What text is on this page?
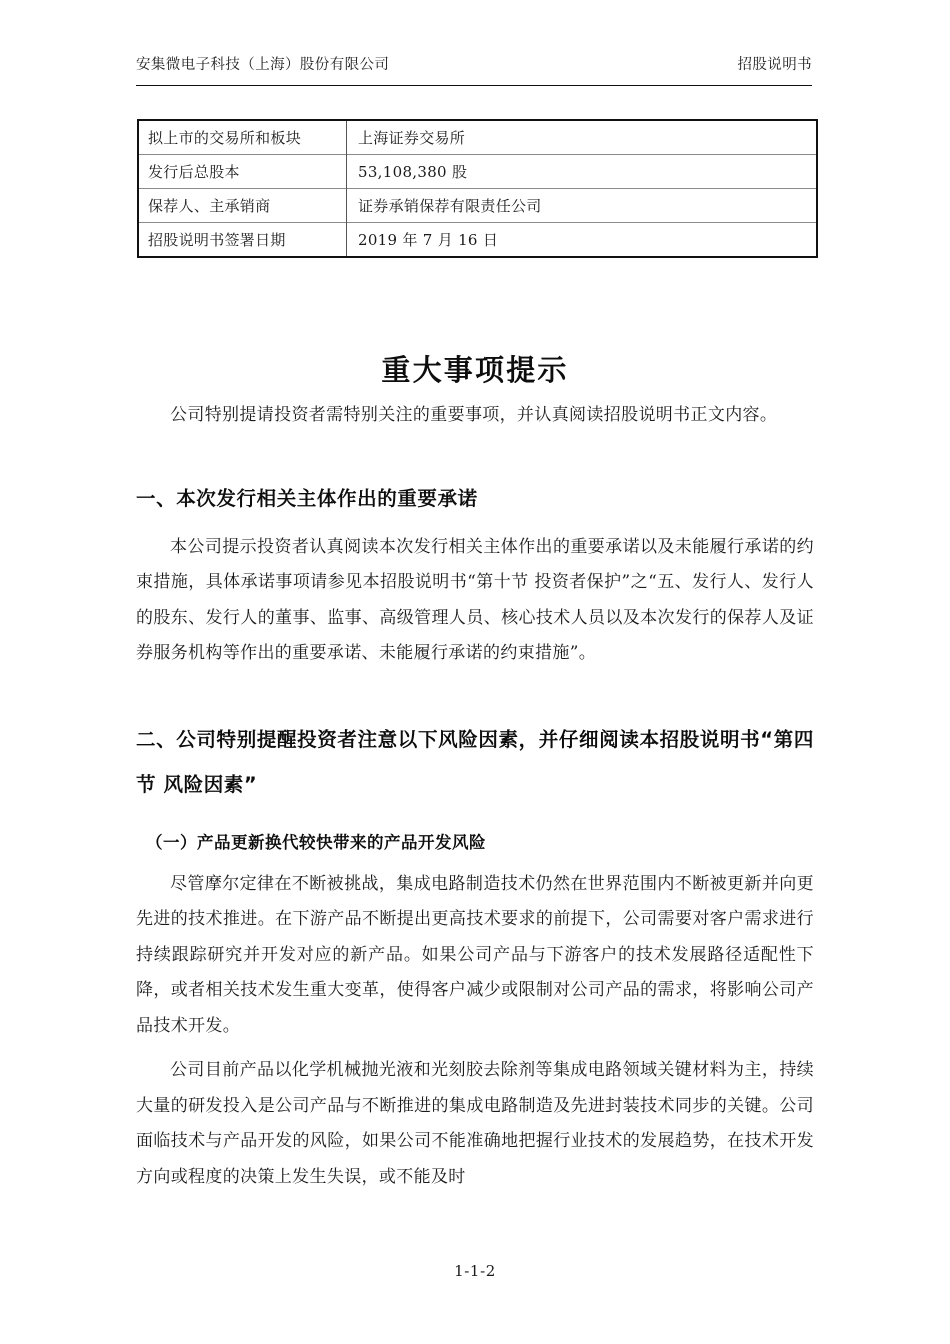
安集微电子科技（上海）股份有限公司	招股说明书
拟上市的交易所和板块	上海证券交易所
发行后总股本	53,108,380 股
保荐人、主承销商	证券承销保荐有限责任公司
招股说明书签署日期	2019 年 7 月 16 日
重大事项提示

公司特别提请投资者需特别关注的重要事项，并认真阅读招股说明书正文内容。

一、本次发行相关主体作出的重要承诺

本公司提示投资者认真阅读本次发行相关主体作出的重要承诺以及未能履行承诺的约束措施，具体承诺事项请参见本招股说明书“第十节 投资者保护”之“五、发行人、发行人的股东、发行人的董事、监事、高级管理人员、核心技术人员以及本次发行的保荐人及证券服务机构等作出的重要承诺、未能履行承诺的约束措施”。

二、公司特别提醒投资者注意以下风险因素，并仔细阅读本招股说明书“第四节 风险因素”
（一）产品更新换代较快带来的产品开发风险

尽管摩尔定律在不断被挑战，集成电路制造技术仍然在世界范围内不断被更新并向更先进的技术推进。在下游产品不断提出更高技术要求的前提下，公司需要对客户需求进行持续跟踪研究并开发对应的新产品。如果公司产品与下游客户的技术发展路径适配性下降，或者相关技术发生重大变革，使得客户减少或限制对公司产品的需求，将影响公司产品技术开发。

公司目前产品以化学机械抛光液和光刻胶去除剂等集成电路领域关键材料为主，持续大量的研发投入是公司产品与不断推进的集成电路制造及先进封装技术同步的关键。公司面临技术与产品开发的风险，如果公司不能准确地把握行业技术的发展趋势，在技术开发方向或程度的决策上发生失误，或不能及时

1-1-2
